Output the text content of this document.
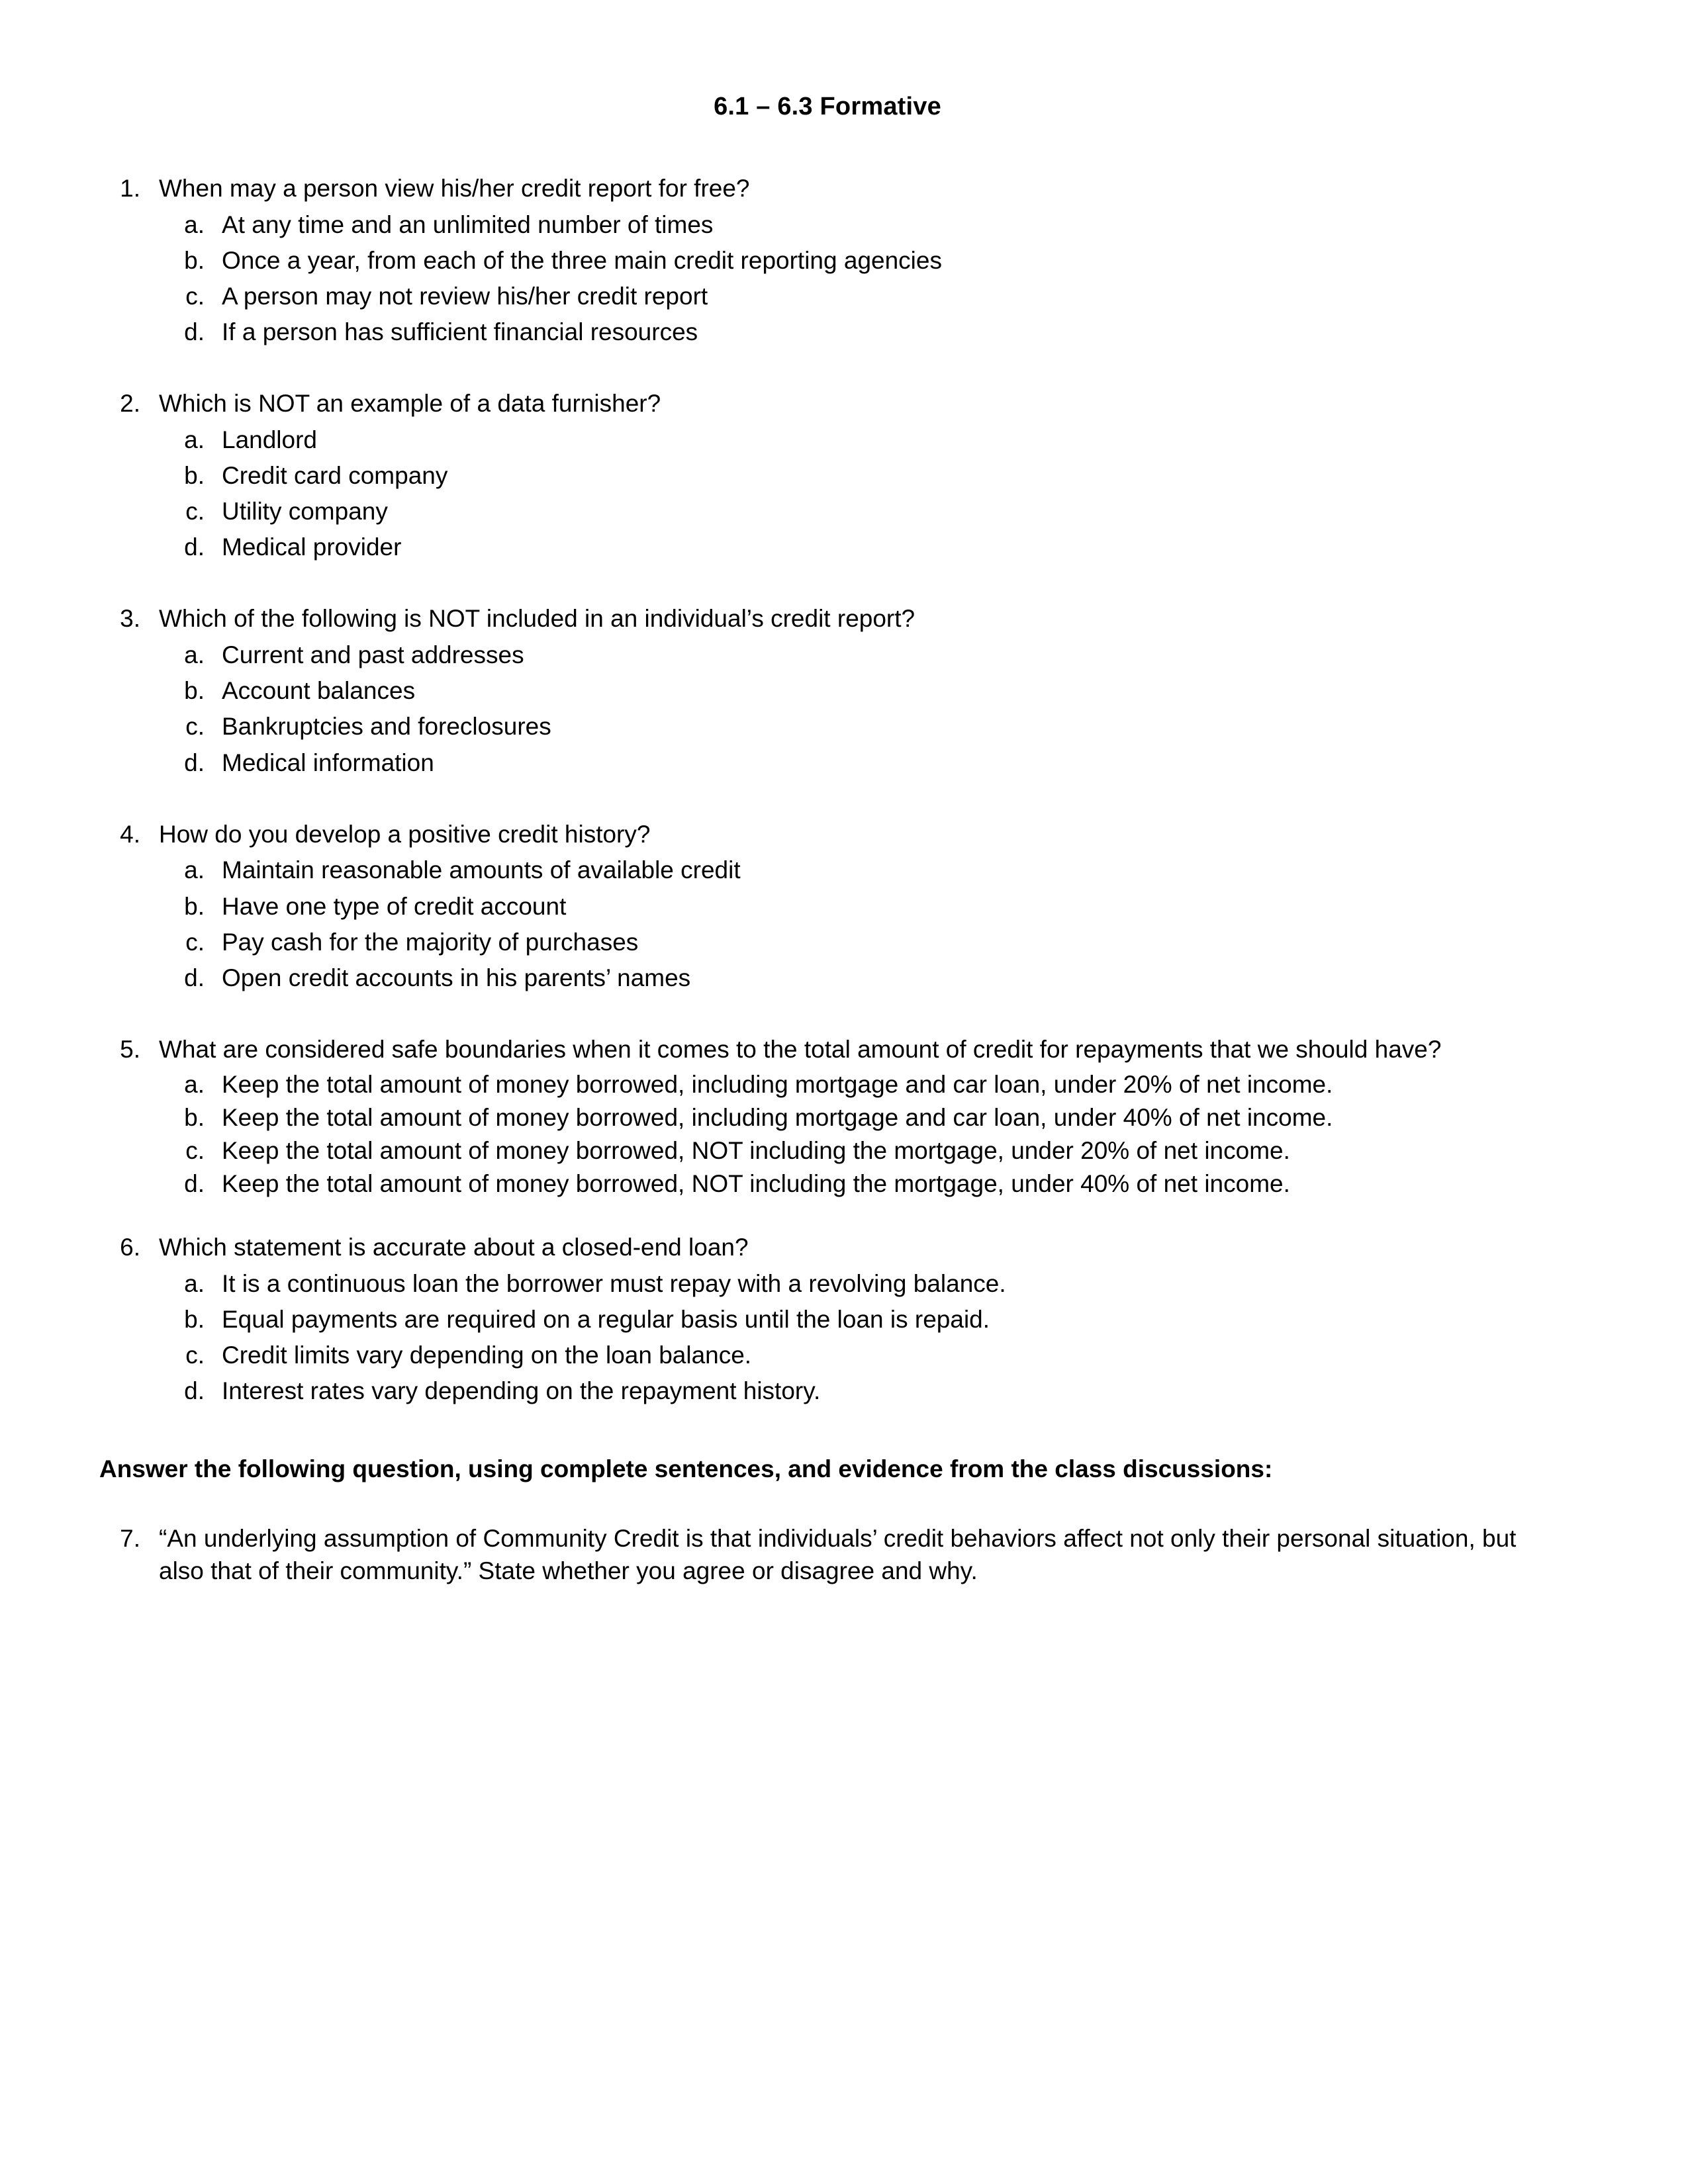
6.1 – 6.3 Formative
1. When may a person view his/her credit report for free?
a. At any time and an unlimited number of times
b. Once a year, from each of the three main credit reporting agencies
c. A person may not review his/her credit report
d. If a person has sufficient financial resources
2. Which is NOT an example of a data furnisher?
a. Landlord
b. Credit card company
c. Utility company
d. Medical provider
3. Which of the following is NOT included in an individual’s credit report?
a. Current and past addresses
b. Account balances
c. Bankruptcies and foreclosures
d. Medical information
4. How do you develop a positive credit history?
a. Maintain reasonable amounts of available credit
b. Have one type of credit account
c. Pay cash for the majority of purchases
d. Open credit accounts in his parents’ names
5. What are considered safe boundaries when it comes to the total amount of credit for repayments that we should have?
a. Keep the total amount of money borrowed, including mortgage and car loan, under 20% of net income.
b. Keep the total amount of money borrowed, including mortgage and car loan, under 40% of net income.
c. Keep the total amount of money borrowed, NOT including the mortgage, under 20% of net income.
d. Keep the total amount of money borrowed, NOT including the mortgage, under 40% of net income.
6. Which statement is accurate about a closed-end loan?
a. It is a continuous loan the borrower must repay with a revolving balance.
b. Equal payments are required on a regular basis until the loan is repaid.
c. Credit limits vary depending on the loan balance.
d. Interest rates vary depending on the repayment history.
Answer the following question, using complete sentences, and evidence from the class discussions:
7. “An underlying assumption of Community Credit is that individuals’ credit behaviors affect not only their personal situation, but also that of their community.” State whether you agree or disagree and why.
